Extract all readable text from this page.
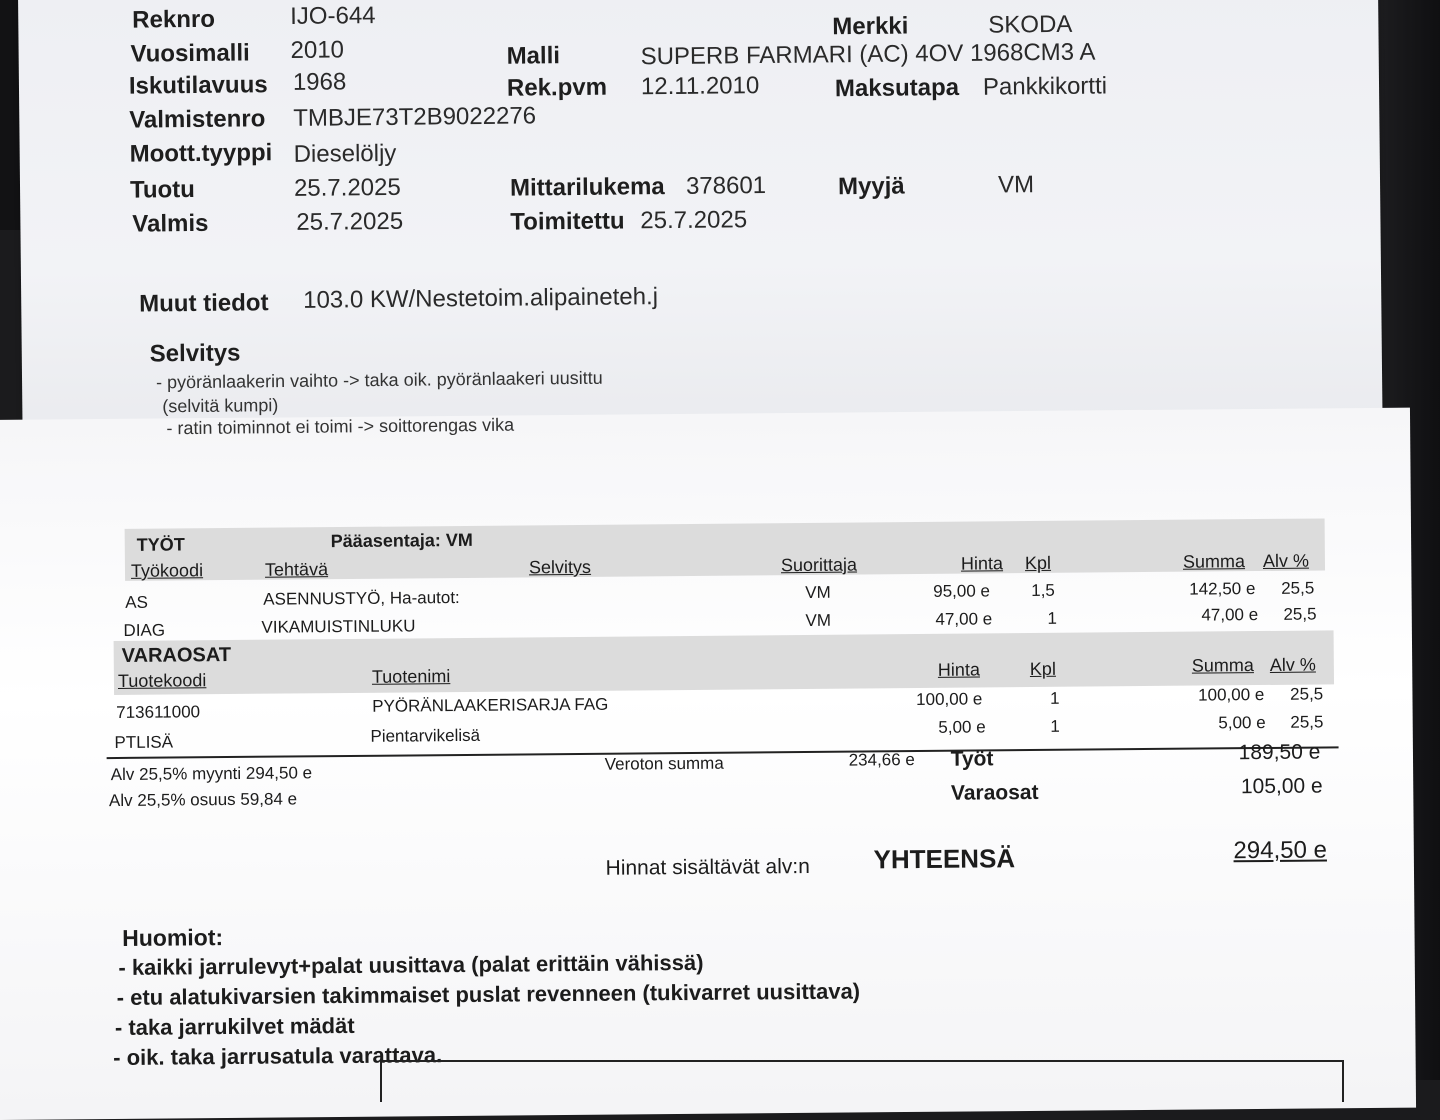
Reknro	IJO-644	Merkki	SKODA
Vuosimalli 2010	Malli	SUPERB FARMARI (AC) 4OV 1968CM3 A
Iskutilavuus 1968	Rek.pvm 12.11.2010	Maksutapa Pankkikortti
Valmistenro TMBJE73T2B9022276
Moott.tyyppi Dieselöljy
Tuotu	25.7.2025	Mittarilukema 378601	Myyjä	VM
Valmis	25.7.2025	Toimitettu 25.7.2025
Muut tiedot 103.0 KW/Nestetoim.alipaineteh.j
Selvitys
- pyöränlaakerin vaihto -> taka oik. pyöränlaakeri uusittu
(selvitä kumpi)
- ratin toiminnot ei toimi -> soittorengas vika
TYÖT	Pääasentaja: VM
Työkoodi	Tehtävä	Selvitys	Suorittaja	Hinta Kpl	Summa Alv %
AS	ASENNUSTYÖ, Ha-autot:	VM	95,00 e 1,5	142,50 e 25,5
DIAG	VIKAMUISTINLUKU	VM	47,00 e	1	47,00 e 25,5
VARAOSAT
Tuotekoodi	Tuotenimi	Hinta	Kpl	Summa Alv %
713611000	PYÖRÄNLAAKERISARJA FAG	100,00 e	1	100,00 e 25,5
PTLISÄ	Pientarvikelisä	5,00 e	1	5,00 e 25,5
Alv 25,5% myynti 294,50 e
Alv 25,5% osuus 59,84 e
Veroton summa	234,66 e Työt	189,50 e
Varaosat	105,00 e
Hinnat sisältävät alv:n YHTEENSÄ	294,50 e
Huomiot:
- kaikki jarrulevyt+palat uusittava (palat erittäin vähissä)
- etu alatukivarsien takimmaiset puslat revenneen (tukivarret uusittava)
- taka jarrukilvet mädät
- oik. taka jarrusatula varattava.
